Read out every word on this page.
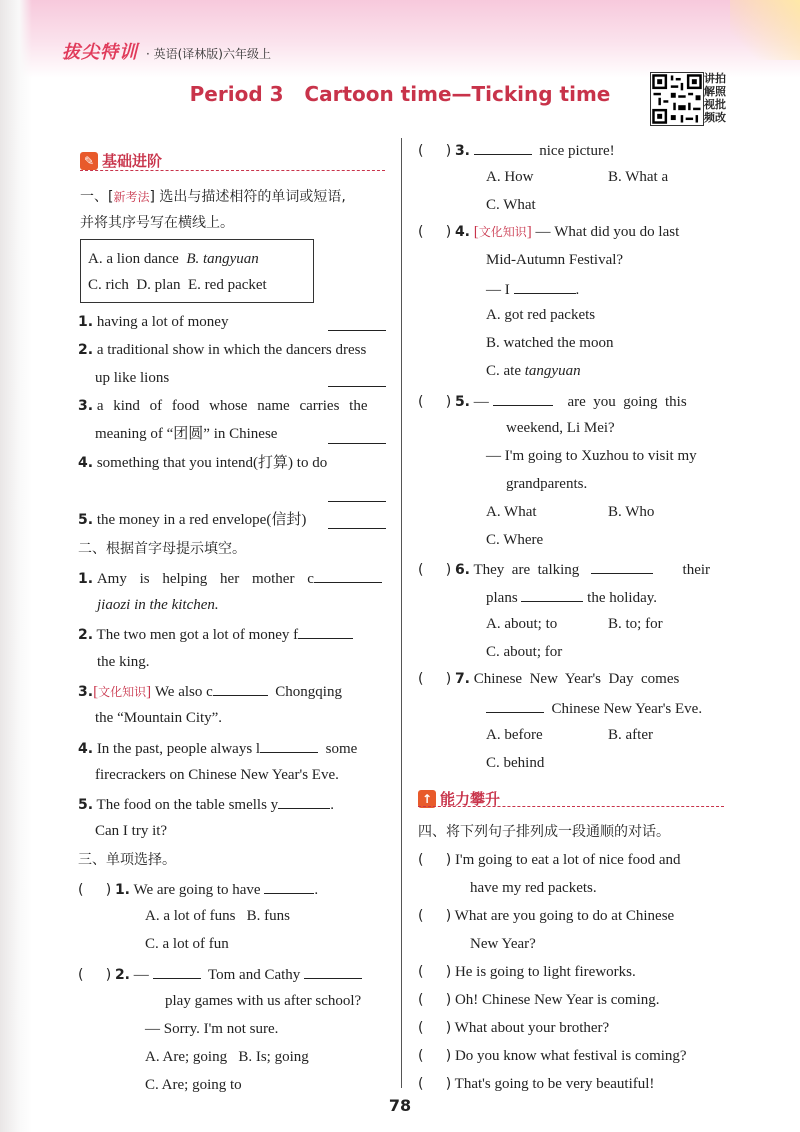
拔尖特训 · 英语(译林版)六年级上
Period 3   Cartoon time—Ticking time
讲拍
解照
视批
频改
✎ 基础进阶
一、[新考法] 选出与描述相符的单词或短语,
并将其序号写在横线上。
A. a lion dance B. tangyuan
C. rich D. plan E. red packet
1. having a lot of money
2. a traditional show in which the dancers dress
up like lions
3. a kind of food whose name carries the
meaning of “团圆” in Chinese
4. something that you intend(打算) to do
5. the money in a red envelope(信封)
二、根据首字母提示填空。
1. Amy is helping her mother c
jiaozi in the kitchen.
2. The two men got a lot of money f
the king.
3.[文化知识] We also c	Chongqing
the “Mountain City”.
4. In the past, people always l	some
firecrackers on Chinese New Year's Eve.
5. The food on the table smells y	.
Can I try it?
三、单项选择。
(     ) 1. We are going to have	.
A. a lot of funs B. funs
C. a lot of fun
(     ) 2. —	Tom and Cathy
play games with us after school?
— Sorry. I'm not sure.
A. Are; going B. Is; going
C. Are; going to
(     ) 3.	nice picture!
A. How	B. What a
C. What
(     ) 4. [文化知识] — What did you do last
Mid-Autumn Festival?
— I	.
A. got red packets
B. watched the moon
C. ate tangyuan
(     ) 5. —	are  you  going  this
weekend, Li Mei?
— I'm going to Xuzhou to visit my
grandparents.
A. What	B. Who
C. Where
(     ) 6. They  are  talking	their
plans	the holiday.
A. about; to	B. to; for
C. about; for
(     ) 7. Chinese  New  Year's  Day  comes
Chinese New Year's Eve.
A. before	B. after
C. behind
↑ 能力攀升
四、将下列句子排列成一段通顺的对话。
(     ) I'm going to eat a lot of nice food and
have my red packets.
(     ) What are you going to do at Chinese
New Year?
(     ) He is going to light fireworks.
(     ) Oh! Chinese New Year is coming.
(     ) What about your brother?
(     ) Do you know what festival is coming?
(     ) That's going to be very beautiful!
78
